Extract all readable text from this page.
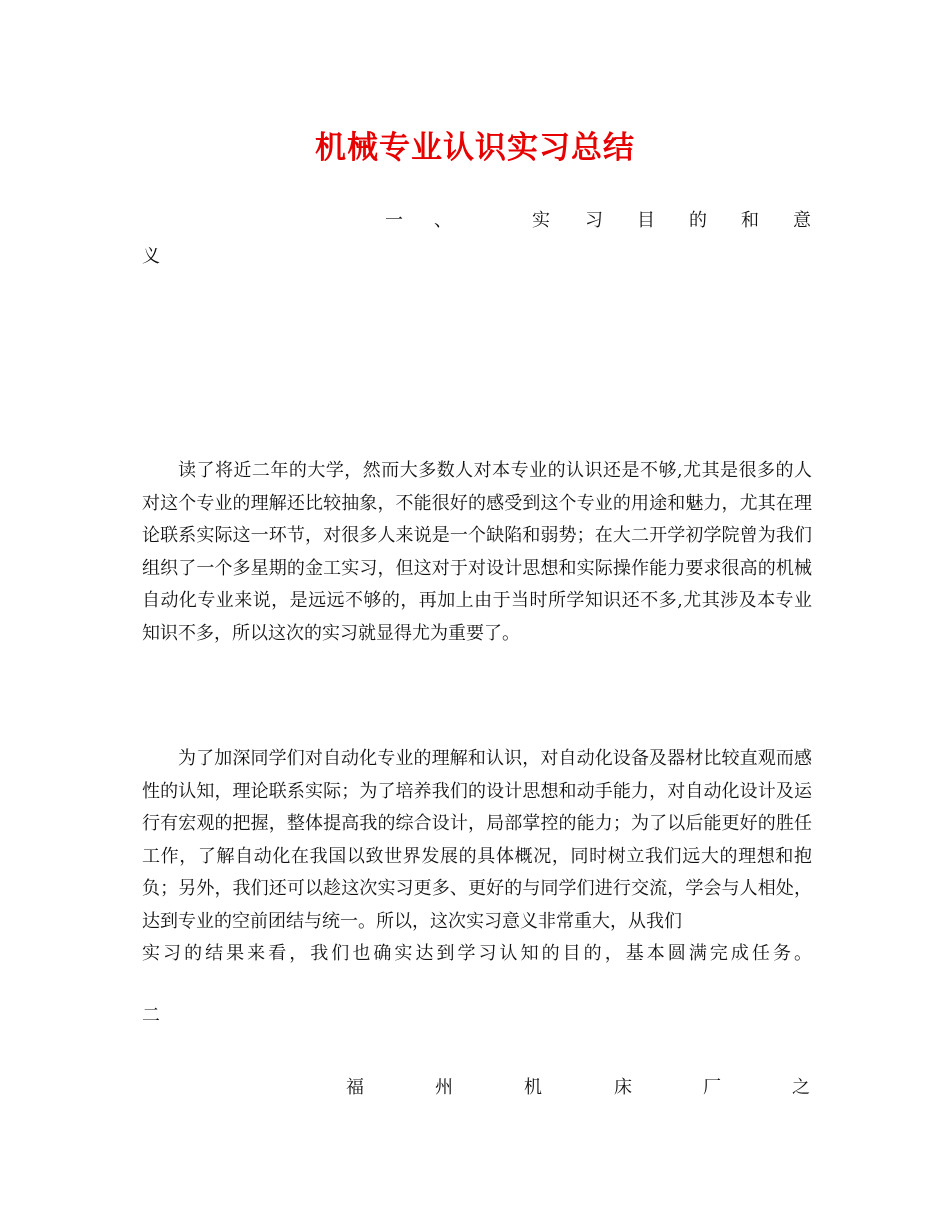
机械专业认识实习总结
一 、	实 习 目 的 和 意
义

读了将近二年的大学，然而大多数人对本专业的认识还是不够,尤其是很多的人对这个专业的理解还比较抽象，不能很好的感受到这个专业的用途和魅力，尤其在理论联系实际这一环节，对很多人来说是一个缺陷和弱势；在大二开学初学院曾为我们组织了一个多星期的金工实习，但这对于对设计思想和实际操作能力要求很高的机械自动化专业来说，是远远不够的，再加上由于当时所学知识还不多,尤其涉及本专业知识不多，所以这次的实习就显得尤为重要了。

为了加深同学们对自动化专业的理解和认识，对自动化设备及器材比较直观而感性的认知，理论联系实际；为了培养我们的设计思想和动手能力，对自动化设计及运行有宏观的把握，整体提高我的综合设计，局部掌控的能力；为了以后能更好的胜任工作，了解自动化在我国以致世界发展的具体概况，同时树立我们远大的理想和抱负；另外，我们还可以趁这次实习更多、更好的与同学们进行交流，学会与人相处，达到专业的空前团结与统一。所以，这次实习意义非常重大，从我们
实习的结果来看，我们也确实达到学习认知的目的，基本圆满完成任务。
二
福	州	机	床	厂	之
